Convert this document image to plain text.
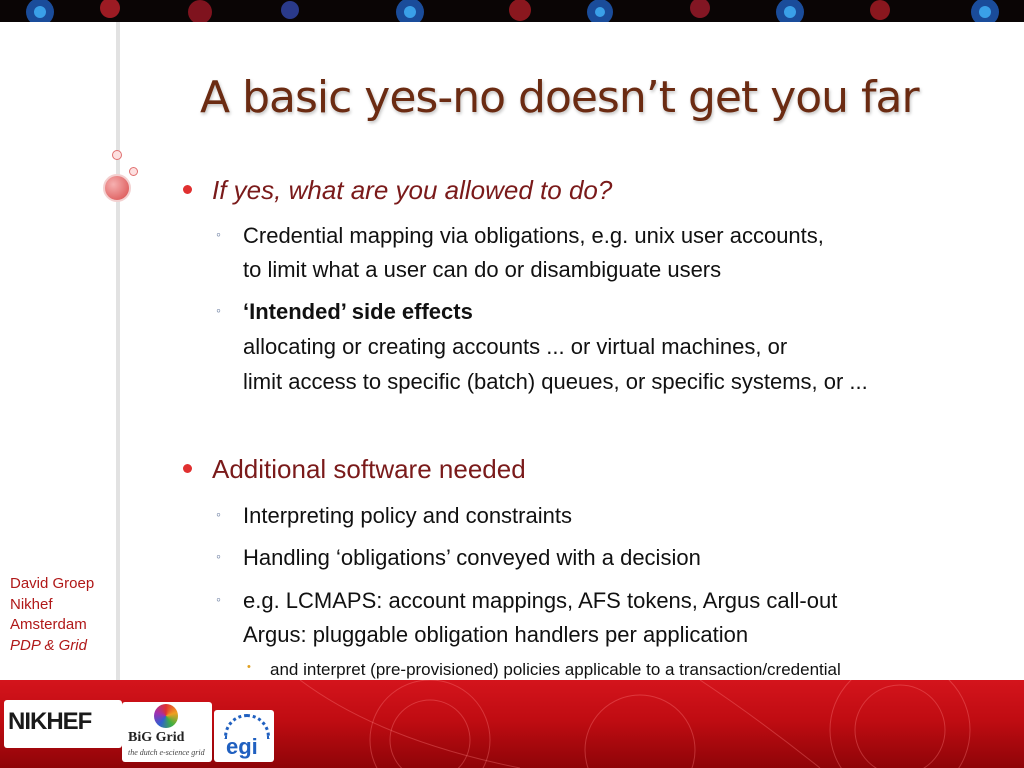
A basic yes-no doesn’t get you far
If yes, what are you allowed to do?
◦ Credential mapping via obligations, e.g. unix user accounts,
to limit what a user can do or disambiguate users
◦ ‘Intended’ side effects
allocating or creating accounts ... or virtual machines, or
limit access to specific (batch) queues, or specific systems, or ...
Additional software needed
◦ Interpreting policy and constraints
◦ Handling ‘obligations’ conveyed with a decision
◦ e.g. LCMAPS: account mappings, AFS tokens, Argus call-out
Argus: pluggable obligation handlers per application
• and interpret (pre-provisioned) policies applicable to a transaction/credential
David Groep
Nikhef
Amsterdam
PDP & Grid
NIKHEF
BiG Grid
the dutch e-science grid egi
